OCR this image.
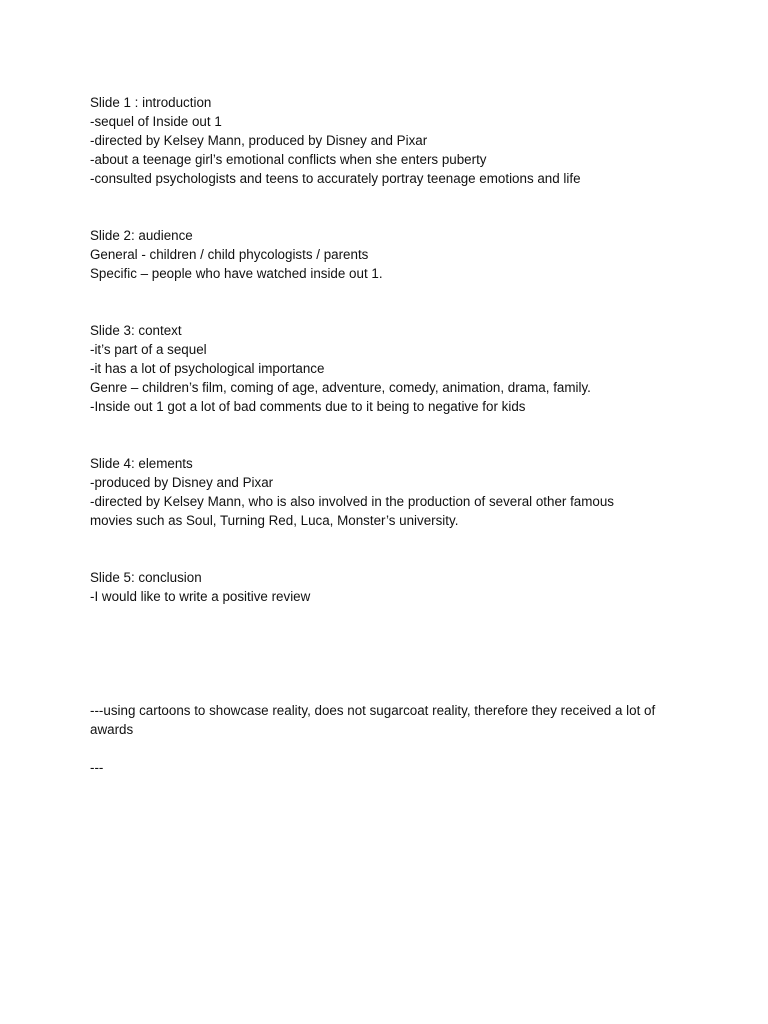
Slide 1 : introduction
-sequel of Inside out 1
-directed by Kelsey Mann, produced by Disney and Pixar
-about a teenage girl’s emotional conflicts when she enters puberty
-consulted psychologists and teens to accurately portray teenage emotions and life
Slide 2: audience
General - children / child phycologists / parents
Specific – people who have watched inside out 1.
Slide 3: context
-it’s part of a sequel
-it has a lot of psychological importance
Genre – children’s film, coming of age, adventure, comedy, animation, drama, family.
-Inside out 1 got a lot of bad comments due to it being to negative for kids
Slide 4: elements
-produced by Disney and Pixar
-directed by Kelsey Mann, who is also involved in the production of several other famous
movies such as Soul, Turning Red, Luca, Monster’s university.
Slide 5: conclusion
-I would like to write a positive review
---using cartoons to showcase reality, does not sugarcoat reality, therefore they received a lot of awards
---
